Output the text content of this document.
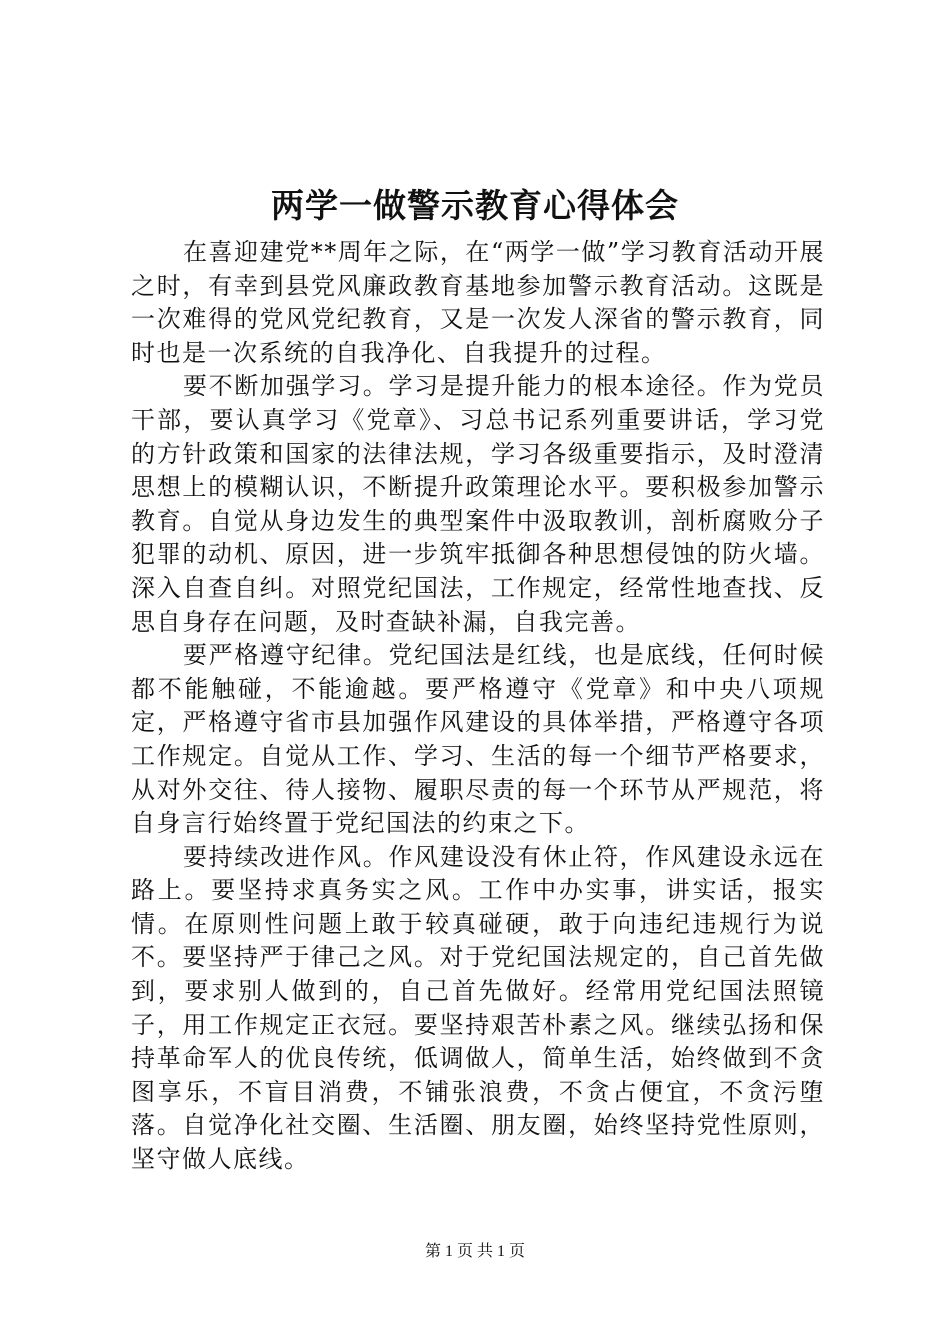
两学一做警示教育心得体会

在喜迎建党**周年之际，在“两学一做”学习教育活动开展之时，有幸到县党风廉政教育基地参加警示教育活动。这既是一次难得的党风党纪教育，又是一次发人深省的警示教育，同时也是一次系统的自我净化、自我提升的过程。

要不断加强学习。学习是提升能力的根本途径。作为党员干部，要认真学习《党章》、习总书记系列重要讲话，学习党的方针政策和国家的法律法规，学习各级重要指示，及时澄清思想上的模糊认识，不断提升政策理论水平。要积极参加警示教育。自觉从身边发生的典型案件中汲取教训，剖析腐败分子犯罪的动机、原因，进一步筑牢抵御各种思想侵蚀的防火墙。深入自查自纠。对照党纪国法，工作规定，经常性地查找、反思自身存在问题，及时查缺补漏，自我完善。

要严格遵守纪律。党纪国法是红线，也是底线，任何时候都不能触碰，不能逾越。要严格遵守《党章》和中央八项规定，严格遵守省市县加强作风建设的具体举措，严格遵守各项工作规定。自觉从工作、学习、生活的每一个细节严格要求，从对外交往、待人接物、履职尽责的每一个环节从严规范，将自身言行始终置于党纪国法的约束之下。

要持续改进作风。作风建设没有休止符，作风建设永远在路上。要坚持求真务实之风。工作中办实事，讲实话，报实情。在原则性问题上敢于较真碰硬，敢于向违纪违规行为说不。要坚持严于律己之风。对于党纪国法规定的，自己首先做到，要求别人做到的，自己首先做好。经常用党纪国法照镜子，用工作规定正衣冠。要坚持艰苦朴素之风。继续弘扬和保持革命军人的优良传统，低调做人，简单生活，始终做到不贪图享乐，不盲目消费，不铺张浪费，不贪占便宜，不贪污堕落。自觉净化社交圈、生活圈、朋友圈，始终坚持党性原则，坚守做人底线。

第 1 页 共 1 页
